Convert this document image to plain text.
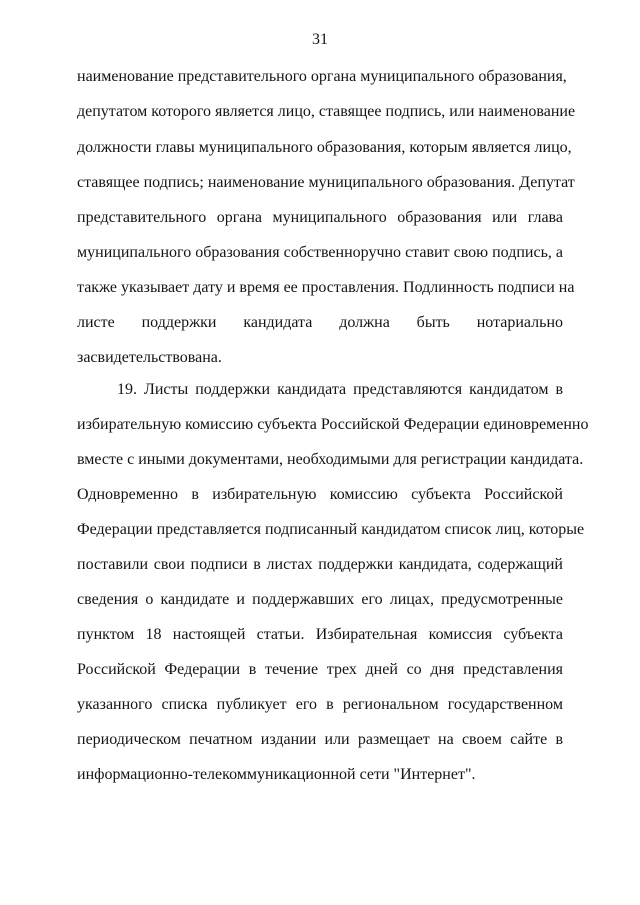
31
наименование представительного органа муниципального образования,
депутатом которого является лицо, ставящее подпись, или наименование
должности главы муниципального образования, которым является лицо,
ставящее подпись; наименование муниципального образования. Депутат
представительного органа муниципального образования или глава
муниципального образования собственноручно ставит свою подпись, а
также указывает дату и время ее проставления. Подлинность подписи на
листе поддержки кандидата должна быть нотариально
засвидетельствована.
19. Листы поддержки кандидата представляются кандидатом в
избирательную комиссию субъекта Российской Федерации единовременно
вместе с иными документами, необходимыми для регистрации кандидата.
Одновременно в избирательную комиссию субъекта Российской
Федерации представляется подписанный кандидатом список лиц, которые
поставили свои подписи в листах поддержки кандидата, содержащий
сведения о кандидате и поддержавших его лицах, предусмотренные
пунктом 18 настоящей статьи. Избирательная комиссия субъекта
Российской Федерации в течение трех дней со дня представления
указанного списка публикует его в региональном государственном
периодическом печатном издании или размещает на своем сайте в
информационно-телекоммуникационной сети "Интернет".
